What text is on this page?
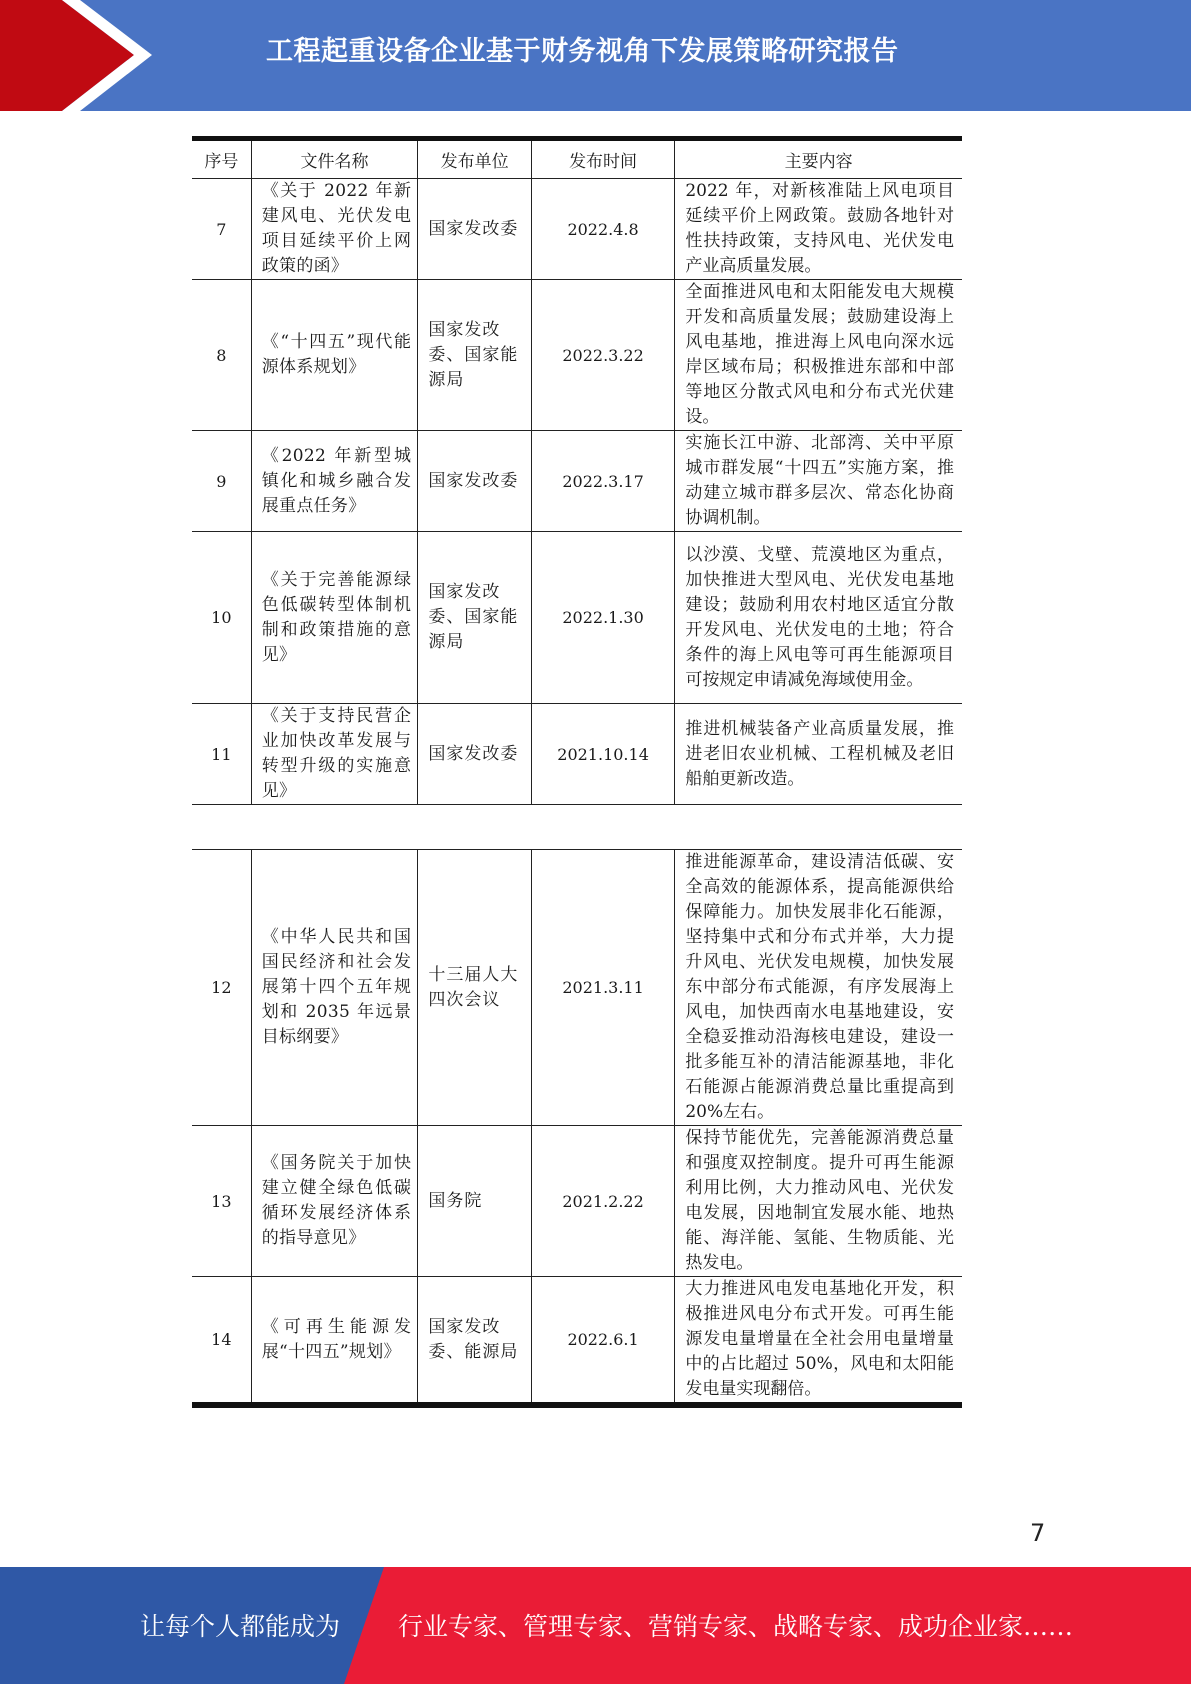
工程起重设备企业基于财务视角下发展策略研究报告
序号	文件名称	发布单位	发布时间	主要内容
7	《关于 2022 年新建风电、光伏发电项目延续平价上网政策的函》	国家发改委	2022.4.8	2022 年，对新核准陆上风电项目延续平价上网政策。鼓励各地针对性扶持政策，支持风电、光伏发电产业高质量发展。

8	《“十四五”现代能源体系规划》	国家发改委、国家能源局	2022.3.22	全面推进风电和太阳能发电大规模开发和高质量发展；鼓励建设海上风电基地，推进海上风电向深水远岸区域布局；积极推进东部和中部等地区分散式风电和分布式光伏建设。

9	《2022 年新型城镇化和城乡融合发展重点任务》	国家发改委	2022.3.17	实施长江中游、北部湾、关中平原城市群发展“十四五”实施方案，推动建立城市群多层次、常态化协商协调机制。

10	《关于完善能源绿色低碳转型体制机制和政策措施的意见》	国家发改委、国家能源局	2022.1.30	以沙漠、戈壁、荒漠地区为重点，加快推进大型风电、光伏发电基地建设；鼓励利用农村地区适宜分散开发风电、光伏发电的土地；符合条件的海上风电等可再生能源项目可按规定申请减免海域使用金。

11	《关于支持民营企业加快改革发展与转型升级的实施意见》	国家发改委	2021.10.14	推进机械装备产业高质量发展，推进老旧农业机械、工程机械及老旧船舶更新改造。
12	《中华人民共和国国民经济和社会发展第十四个五年规划和 2035 年远景目标纲要》	十三届人大四次会议	2021.3.11	推进能源革命，建设清洁低碳、安全高效的能源体系，提高能源供给保障能力。加快发展非化石能源，坚持集中式和分布式并举，大力提升风电、光伏发电规模，加快发展东中部分布式能源，有序发展海上风电，加快西南水电基地建设，安全稳妥推动沿海核电建设，建设一批多能互补的清洁能源基地，非化石能源占能源消费总量比重提高到 20%左右。

13	《国务院关于加快建立健全绿色低碳循环发展经济体系的指导意见》	国务院	2021.2.22	保持节能优先，完善能源消费总量和强度双控制度。提升可再生能源利用比例，大力推动风电、光伏发电发展，因地制宜发展水能、地热能、海洋能、氢能、生物质能、光热发电。

14	《可再生能源发展“十四五”规划》	国家发改委、能源局	2022.6.1	大力推进风电发电基地化开发，积极推进风电分布式开发。可再生能源发电量增量在全社会用电量增量中的占比超过 50%，风电和太阳能发电量实现翻倍。
7
让每个人都能成为 行业专家、管理专家、营销专家、战略专家、成功企业家……
